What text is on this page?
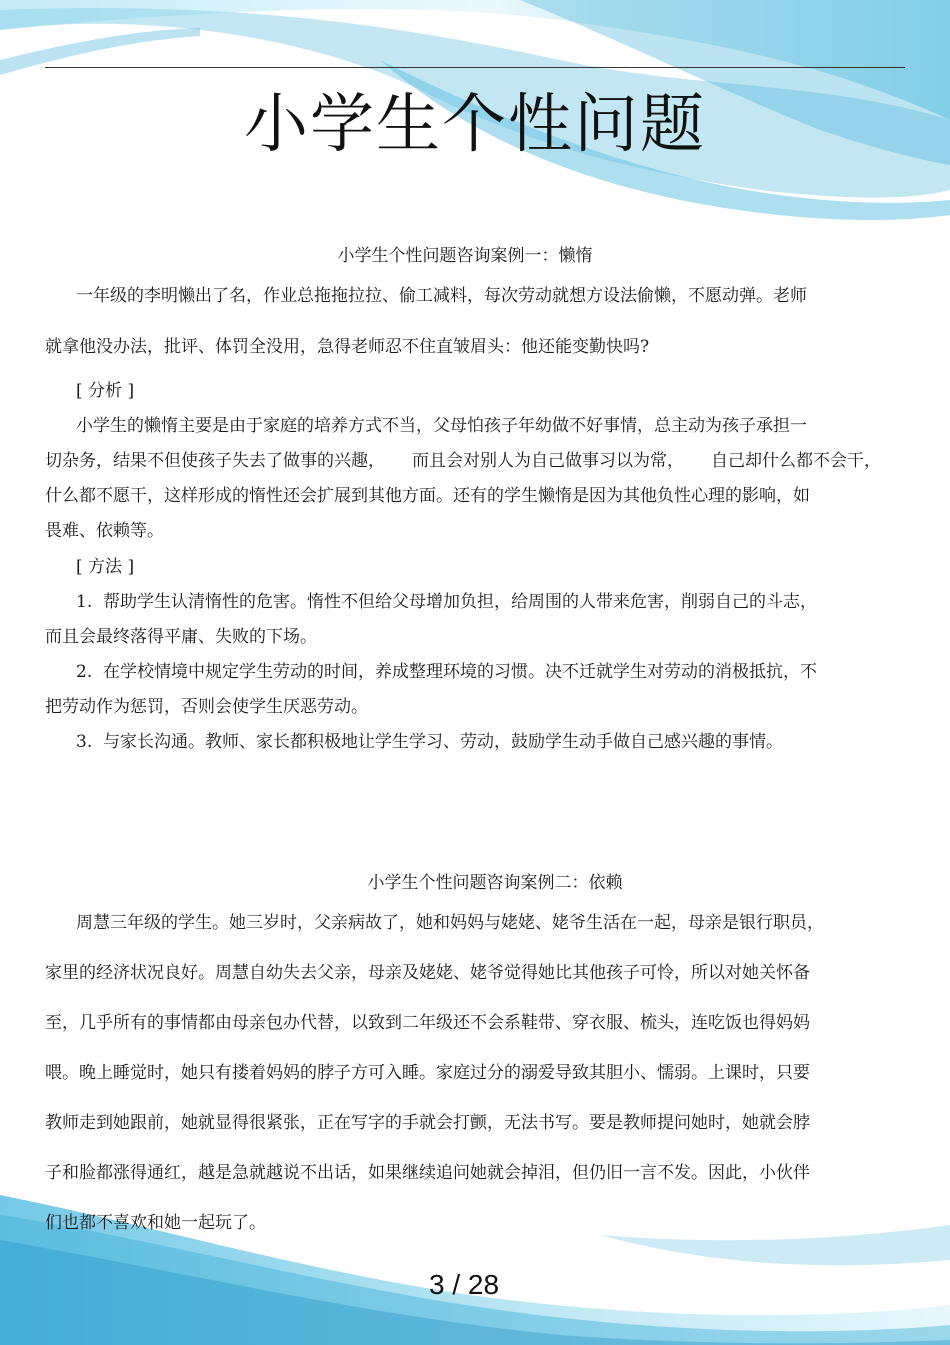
小学生个性问题
小学生个性问题咨询案例一：懒惰
一年级的李明懒出了名，作业总拖拖拉拉、偷工减料，每次劳动就想方设法偷懒，不愿动弹。老师
就拿他没办法，批评、体罚全没用，急得老师忍不住直皱眉头：他还能变勤快吗?
[ 分析 ]
小学生的懒惰主要是由于家庭的培养方式不当，父母怕孩子年幼做不好事情，总主动为孩子承担一
切杂务，结果不但使孩子失去了做事的兴趣，     而且会对别人为自己做事习以为常，     自己却什么都不会干，
什么都不愿干，这样形成的惰性还会扩展到其他方面。还有的学生懒惰是因为其他负性心理的影响，如
畏难、依赖等。
[ 方法 ]
1.  帮助学生认清惰性的危害。惰性不但给父母增加负担，给周围的人带来危害，削弱自己的斗志，
而且会最终落得平庸、失败的下场。
2.  在学校情境中规定学生劳动的时间，养成整理环境的习惯。决不迁就学生对劳动的消极抵抗，不
把劳动作为惩罚，否则会使学生厌恶劳动。
3.  与家长沟通。教师、家长都积极地让学生学习、劳动，鼓励学生动手做自己感兴趣的事情。
小学生个性问题咨询案例二：依赖
周慧三年级的学生。她三岁时，父亲病故了，她和妈妈与姥姥、姥爷生活在一起，母亲是银行职员，
家里的经济状况良好。周慧自幼失去父亲，母亲及姥姥、姥爷觉得她比其他孩子可怜，所以对她关怀备
至，几乎所有的事情都由母亲包办代替，以致到二年级还不会系鞋带、穿衣服、梳头，连吃饭也得妈妈
喂。晚上睡觉时，她只有搂着妈妈的脖子方可入睡。家庭过分的溺爱导致其胆小、懦弱。上课时，只要
教师走到她跟前，她就显得很紧张，正在写字的手就会打颤，无法书写。要是教师提问她时，她就会脖
子和脸都涨得通红，越是急就越说不出话，如果继续追问她就会掉泪，但仍旧一言不发。因此，小伙伴
们也都不喜欢和她一起玩了。
3 / 28
